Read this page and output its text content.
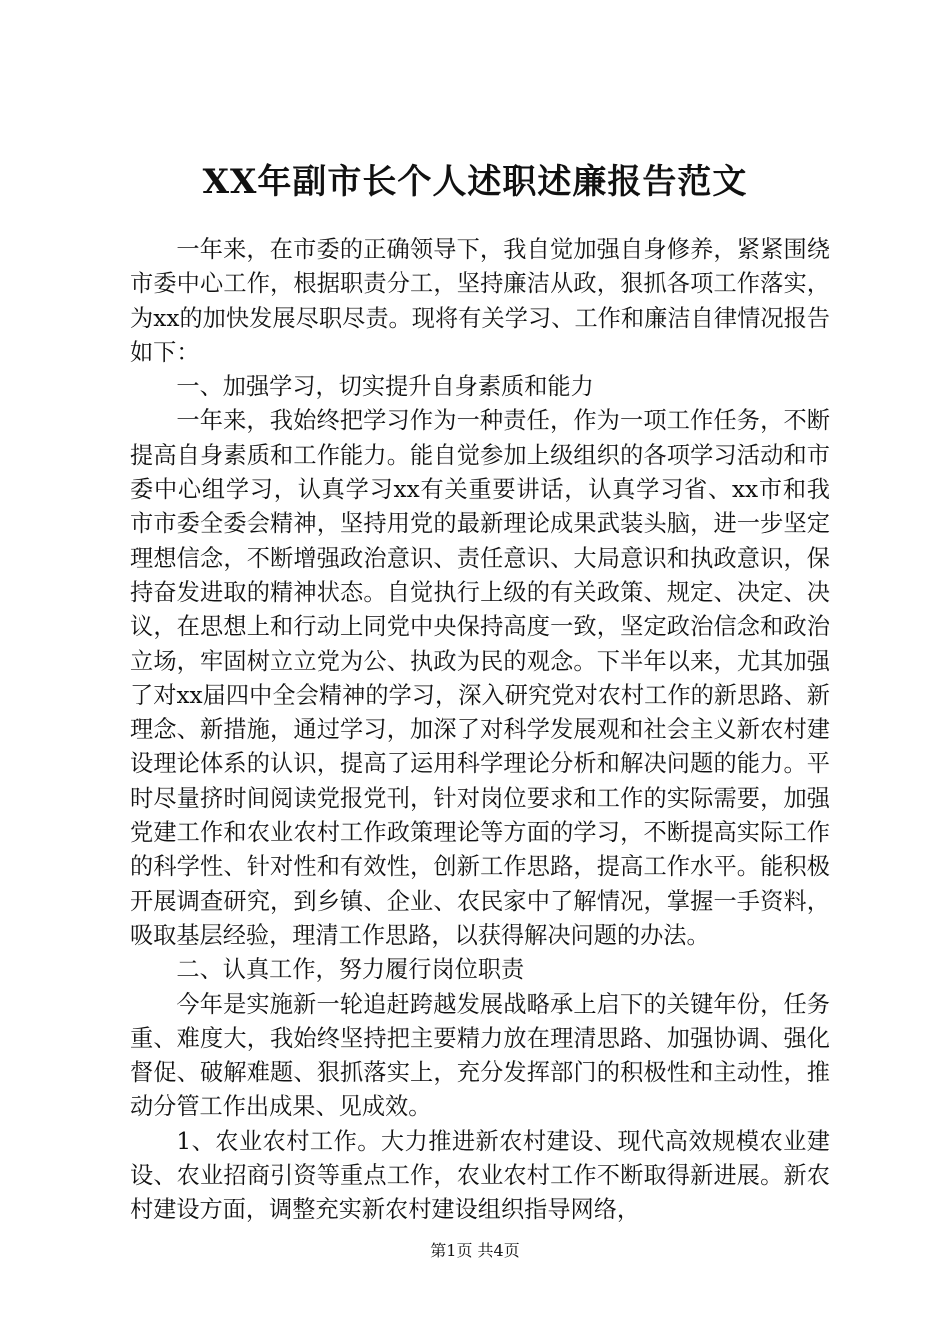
XX年副市长个人述职述廉报告范文

一年来，在市委的正确领导下，我自觉加强自身修养，紧紧围绕市委中心工作，根据职责分工，坚持廉洁从政，狠抓各项工作落实，为xx的加快发展尽职尽责。现将有关学习、工作和廉洁自律情况报告如下：

一、加强学习，切实提升自身素质和能力

一年来，我始终把学习作为一种责任，作为一项工作任务，不断提高自身素质和工作能力。能自觉参加上级组织的各项学习活动和市委中心组学习，认真学习xx有关重要讲话，认真学习省、xx市和我市市委全委会精神，坚持用党的最新理论成果武装头脑，进一步坚定理想信念，不断增强政治意识、责任意识、大局意识和执政意识，保持奋发进取的精神状态。自觉执行上级的有关政策、规定、决定、决议，在思想上和行动上同党中央保持高度一致，坚定政治信念和政治立场，牢固树立立党为公、执政为民的观念。下半年以来，尤其加强了对xx届四中全会精神的学习，深入研究党对农村工作的新思路、新理念、新措施，通过学习，加深了对科学发展观和社会主义新农村建设理论体系的认识，提高了运用科学理论分析和解决问题的能力。平时尽量挤时间阅读党报党刊，针对岗位要求和工作的实际需要，加强党建工作和农业农村工作政策理论等方面的学习，不断提高实际工作的科学性、针对性和有效性，创新工作思路，提高工作水平。能积极开展调查研究，到乡镇、企业、农民家中了解情况，掌握一手资料，吸取基层经验，理清工作思路，以获得解决问题的办法。

二、认真工作，努力履行岗位职责

今年是实施新一轮追赶跨越发展战略承上启下的关键年份，任务重、难度大，我始终坚持把主要精力放在理清思路、加强协调、强化督促、破解难题、狠抓落实上，充分发挥部门的积极性和主动性，推动分管工作出成果、见成效。

1、农业农村工作。大力推进新农村建设、现代高效规模农业建设、农业招商引资等重点工作，农业农村工作不断取得新进展。新农村建设方面，调整充实新农村建设组织指导网络，

第1页 共4页
